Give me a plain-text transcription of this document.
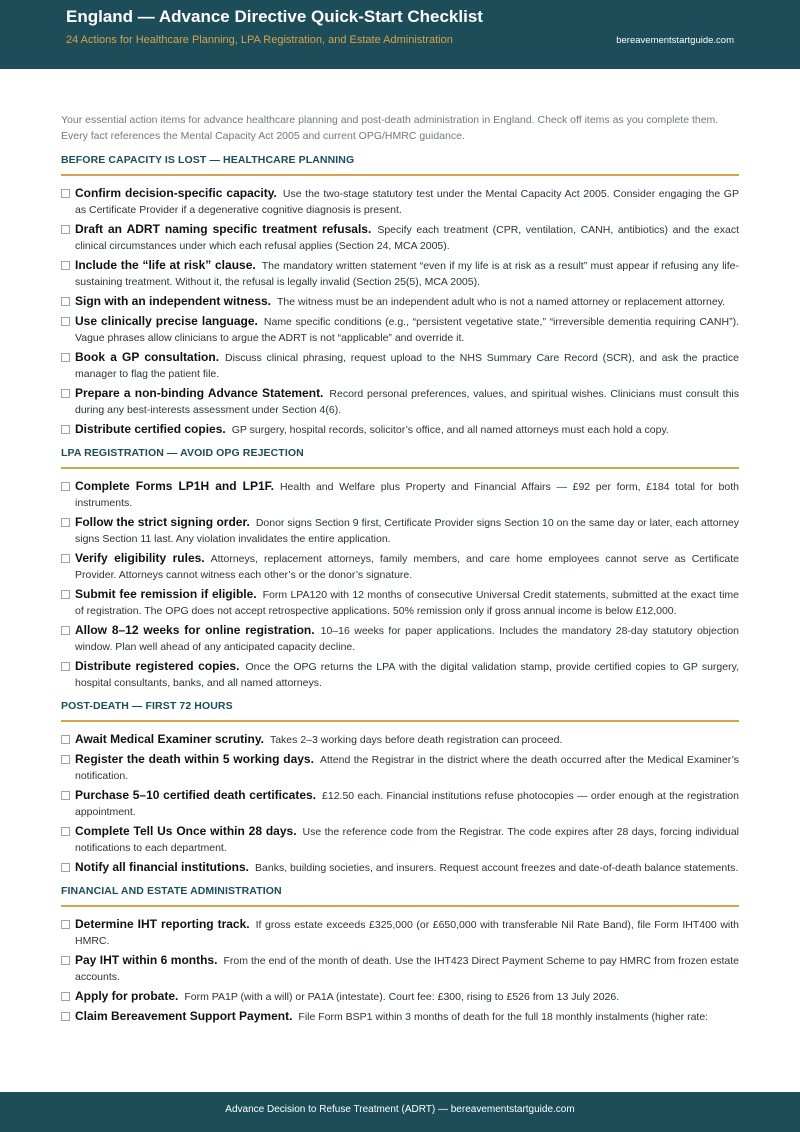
England — Advance Directive Quick-Start Checklist
24 Actions for Healthcare Planning, LPA Registration, and Estate Administration	bereavementstartguide.com

Your essential action items for advance healthcare planning and post-death administration in England. Check off items as you complete them. Every fact references the Mental Capacity Act 2005 and current OPG/HMRC guidance.

BEFORE CAPACITY IS LOST — HEALTHCARE PLANNING
Confirm decision-specific capacity. Use the two-stage statutory test under the Mental Capacity Act 2005. Consider engaging the GP as Certificate Provider if a degenerative cognitive diagnosis is present.
Draft an ADRT naming specific treatment refusals. Specify each treatment (CPR, ventilation, CANH, antibiotics) and the exact clinical circumstances under which each refusal applies (Section 24, MCA 2005).
Include the “life at risk” clause. The mandatory written statement “even if my life is at risk as a result” must appear if refusing any life-sustaining treatment. Without it, the refusal is legally invalid (Section 25(5), MCA 2005).
Sign with an independent witness. The witness must be an independent adult who is not a named attorney or replacement attorney.
Use clinically precise language. Name specific conditions (e.g., “persistent vegetative state,” “irreversible dementia requiring CANH”). Vague phrases allow clinicians to argue the ADRT is not “applicable” and override it.
Book a GP consultation. Discuss clinical phrasing, request upload to the NHS Summary Care Record (SCR), and ask the practice manager to flag the patient file.
Prepare a non-binding Advance Statement. Record personal preferences, values, and spiritual wishes. Clinicians must consult this during any best-interests assessment under Section 4(6).
Distribute certified copies. GP surgery, hospital records, solicitor’s office, and all named attorneys must each hold a copy.
LPA REGISTRATION — AVOID OPG REJECTION
Complete Forms LP1H and LP1F. Health and Welfare plus Property and Financial Affairs — £92 per form, £184 total for both instruments.
Follow the strict signing order. Donor signs Section 9 first, Certificate Provider signs Section 10 on the same day or later, each attorney signs Section 11 last. Any violation invalidates the entire application.
Verify eligibility rules. Attorneys, replacement attorneys, family members, and care home employees cannot serve as Certificate Provider. Attorneys cannot witness each other’s or the donor’s signature.
Submit fee remission if eligible. Form LPA120 with 12 months of consecutive Universal Credit statements, submitted at the exact time of registration. The OPG does not accept retrospective applications. 50% remission only if gross annual income is below £12,000.
Allow 8–12 weeks for online registration. 10–16 weeks for paper applications. Includes the mandatory 28-day statutory objection window. Plan well ahead of any anticipated capacity decline.
Distribute registered copies. Once the OPG returns the LPA with the digital validation stamp, provide certified copies to GP surgery, hospital consultants, banks, and all named attorneys.
POST-DEATH — FIRST 72 HOURS
Await Medical Examiner scrutiny. Takes 2–3 working days before death registration can proceed.
Register the death within 5 working days. Attend the Registrar in the district where the death occurred after the Medical Examiner’s notification.
Purchase 5–10 certified death certificates. £12.50 each. Financial institutions refuse photocopies — order enough at the registration appointment.
Complete Tell Us Once within 28 days. Use the reference code from the Registrar. The code expires after 28 days, forcing individual notifications to each department.
Notify all financial institutions. Banks, building societies, and insurers. Request account freezes and date-of-death balance statements.
FINANCIAL AND ESTATE ADMINISTRATION
Determine IHT reporting track. If gross estate exceeds £325,000 (or £650,000 with transferable Nil Rate Band), file Form IHT400 with HMRC.
Pay IHT within 6 months. From the end of the month of death. Use the IHT423 Direct Payment Scheme to pay HMRC from frozen estate accounts.
Apply for probate. Form PA1P (with a will) or PA1A (intestate). Court fee: £300, rising to £526 from 13 July 2026.
Claim Bereavement Support Payment. File Form BSP1 within 3 months of death for the full 18 monthly instalments (higher rate:
Advance Decision to Refuse Treatment (ADRT) — bereavementstartguide.com
